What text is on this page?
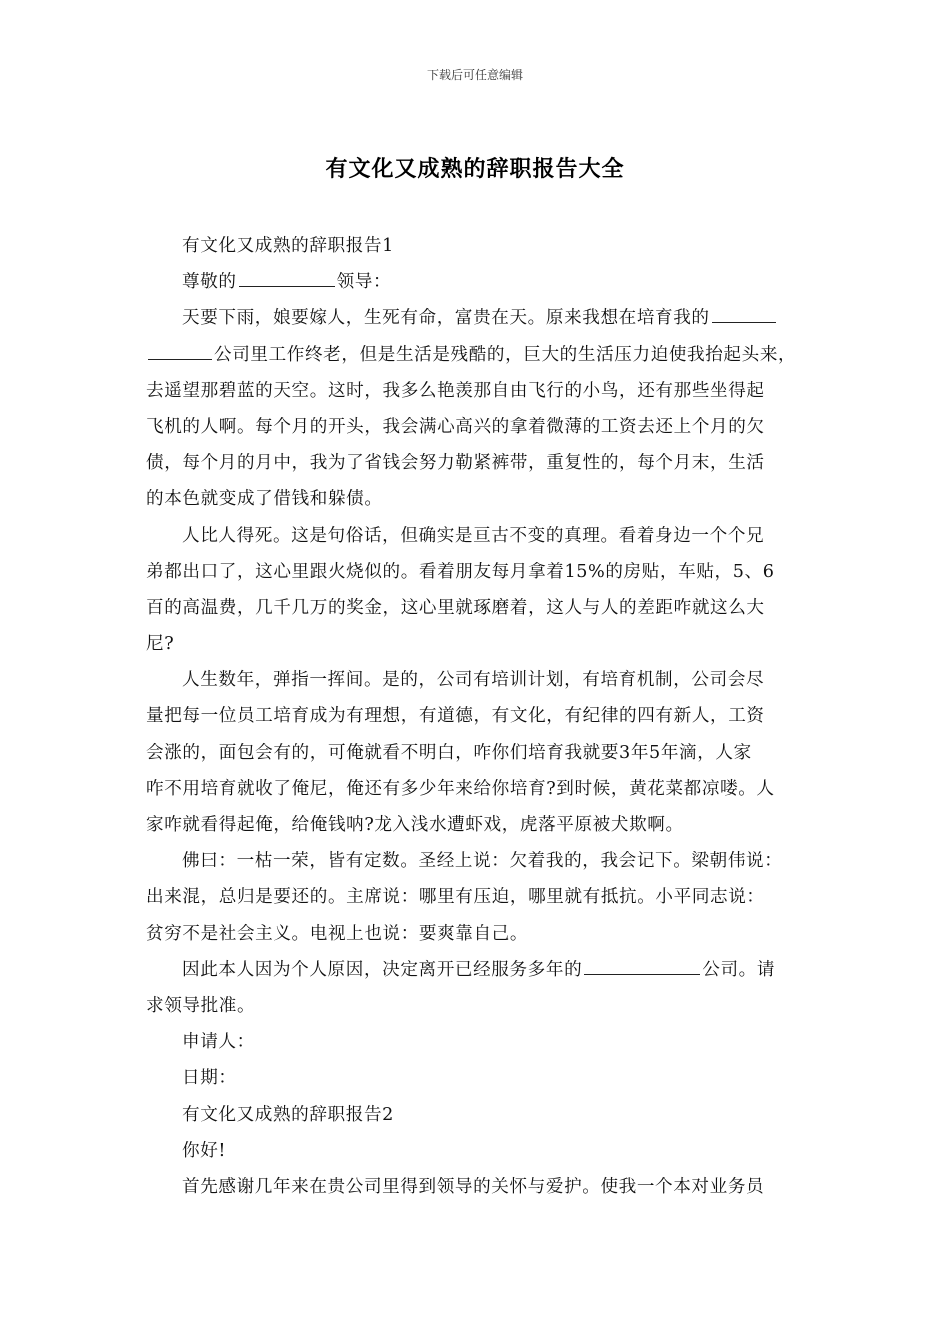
下载后可任意编辑
有文化又成熟的辞职报告大全
有文化又成熟的辞职报告1
尊敬的	领导：
天要下雨，娘要嫁人，生死有命，富贵在天。原来我想在培育我的
公司里工作终老，但是生活是残酷的，巨大的生活压力迫使我抬起头来，
去遥望那碧蓝的天空。这时，我多么艳羡那自由飞行的小鸟，还有那些坐得起
飞机的人啊。每个月的开头，我会满心高兴的拿着微薄的工资去还上个月的欠
债，每个月的月中，我为了省钱会努力勒紧裤带，重复性的，每个月末，生活
的本色就变成了借钱和躲债。
人比人得死。这是句俗话，但确实是亘古不变的真理。看着身边一个个兄
弟都出口了，这心里跟火烧似的。看着朋友每月拿着15%的房贴，车贴，5、6
百的高温费，几千几万的奖金，这心里就琢磨着，这人与人的差距咋就这么大
尼?
人生数年，弹指一挥间。是的，公司有培训计划，有培育机制，公司会尽
量把每一位员工培育成为有理想，有道德，有文化，有纪律的四有新人，工资
会涨的，面包会有的，可俺就看不明白，咋你们培育我就要3年5年滴，人家
咋不用培育就收了俺尼，俺还有多少年来给你培育?到时候，黄花菜都凉喽。人
家咋就看得起俺，给俺钱呐?龙入浅水遭虾戏，虎落平原被犬欺啊。
佛曰：一枯一荣，皆有定数。圣经上说：欠着我的，我会记下。梁朝伟说：
出来混，总归是要还的。主席说：哪里有压迫，哪里就有抵抗。小平同志说：
贫穷不是社会主义。电视上也说：要爽靠自己。
因此本人因为个人原因，决定离开已经服务多年的	公司。请
求领导批准。
申请人：
日期：
有文化又成熟的辞职报告2
你好!
首先感谢几年来在贵公司里得到领导的关怀与爱护。使我一个本对业务员
